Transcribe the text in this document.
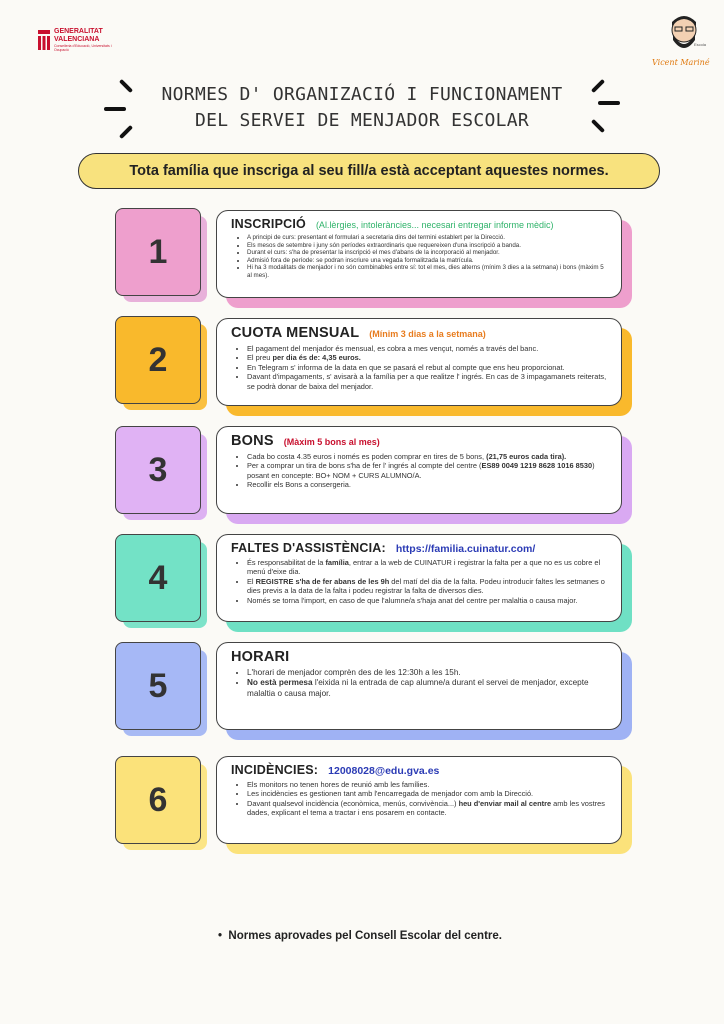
GENERALITAT
VALENCIANA
Conselleria d'Educació, Universitats i Ocupació
Escola
Vicent Mariné
NORMES D' ORGANIZACIÓ I FUNCIONAMENT
DEL SERVEI DE MENJADOR ESCOLAR
Tota família que inscriga al seu fill/a està acceptant aquestes normes.
1
INSCRIPCIÓ (Al.lèrgies, intoleràncies... necesari entregar informe mèdic)
• A principi de curs: presentant el formulari a secretaria dins del termini establert per la Direcció.
• Els mesos de setembre i juny són períodes extraordinaris que requereixen d'una inscripció a banda.
• Durant el curs: s'ha de presentar la inscripció el mes d'abans de la incorporació al menjador.
• Admisió fora de període: se podran inscriure una vegada formalitzada la matrícula.
• Hi ha 3 modalitats de menjador i no són combinables entre sí: tot el mes, dies alterns (mínim 3 dies a la setmana) i bons (màxim 5 al mes).
2
CUOTA MENSUAL (Mínim 3 dias a la setmana)
• El pagament del menjador és mensual, es cobra a mes vençut, només a través del banc.
• El preu per dia és de: 4,35 euros.
• En Telegram s' informa de la data en que se pasará el rebut al compte que ens heu proporcionat.
• Davant d'impagaments, s' avisarà a la família per a que realitze l' ingrés. En cas de 3 impagamanets reiterats, se podrà donar de baixa del menjador.
3
BONS (Màxim 5 bons al mes)
• Cada bo costa 4.35 euros i només es poden comprar en tires de 5 bons, (21,75 euros cada tira).
• Per a comprar un tira de bons s'ha de fer l' ingrés al compte del centre (ES89 0049 1219 8628 1016 8530) posant en concepte: BO+ NOM + CURS ALUMNO/A.
• Recollir els Bons a consergeria.
4
FALTES D'ASSISTÈNCIA: https://familia.cuinatur.com/
• És responsabilitat de la família, entrar a la web de CUINATUR i registrar la falta per a que no es us cobre el menú d'eixe dia.
• El REGISTRE s'ha de fer abans de les 9h del matí del dia de la falta. Podeu introducir faltes les setmanes o dies previs a la data de la falta i podeu registrar la falta de diversos dies.
• Només se torna l'import, en caso de que l'alumne/a s'haja anat del centre per malaltia o causa major.
5
HORARI
• L'horari de menjador comprèn des de les 12:30h a les 15h.
• No està permesa l'eixida ni la entrada de cap alumne/a durant el servei de menjador, excepte malaltia o causa major.
6
INCIDÈNCIES: 12008028@edu.gva.es
• Els monitors no tenen hores de reunió amb les famílies.
• Les incidències es gestionen tant amb l'encarregada de menjador com amb la Direcció.
• Davant qualsevol incidència (econòmica, menús, convivència...) heu d'enviar mail al centre amb les vostres dades, explicant el tema a tractar i ens posarem en contacte.
•  Normes aprovades pel Consell Escolar del centre.
